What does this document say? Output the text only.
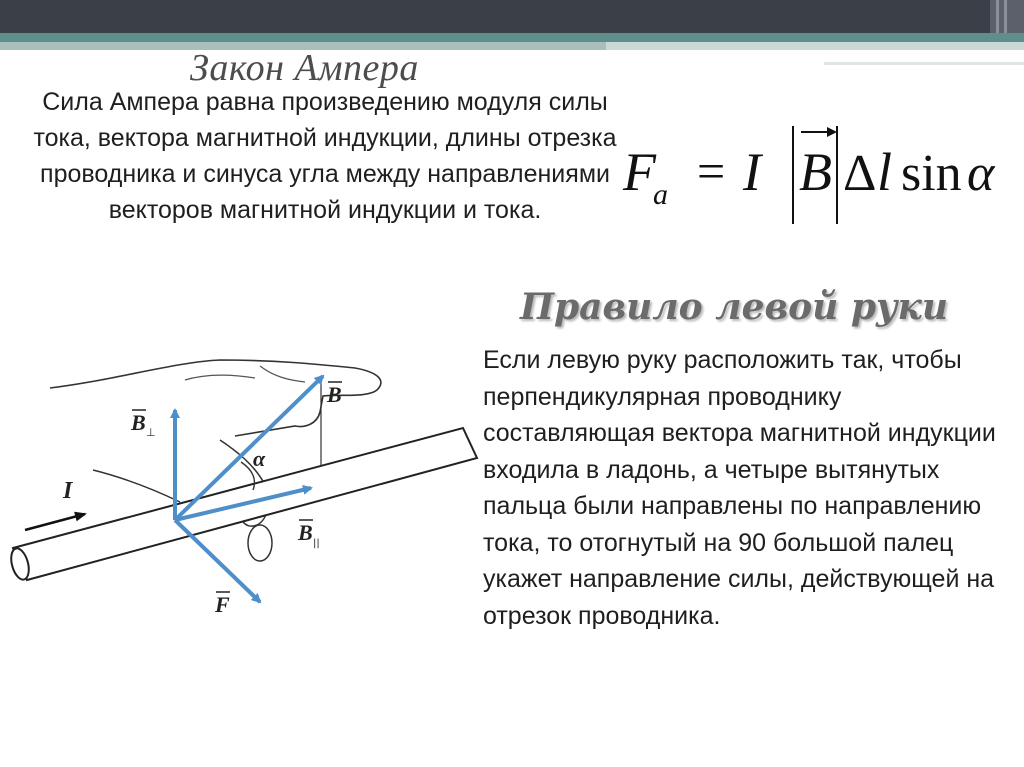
Закон Ампера
Сила Ампера равна произведению модуля силы тока, вектора магнитной индукции, длины отрезка проводника и синуса угла между направлениями векторов магнитной индукции и тока.
F
a = I B Δ l sin α
Правило левой руки
Если левую руку расположить так, чтобы перпендикулярная проводнику составляющая вектора магнитной индукции входила в ладонь, а четыре вытянутых пальца были направлены по направлению тока, то отогнутый на 90 большой палец укажет направление силы, действующей на отрезок проводника.
I
B
B ⊥
α
B ||
F
